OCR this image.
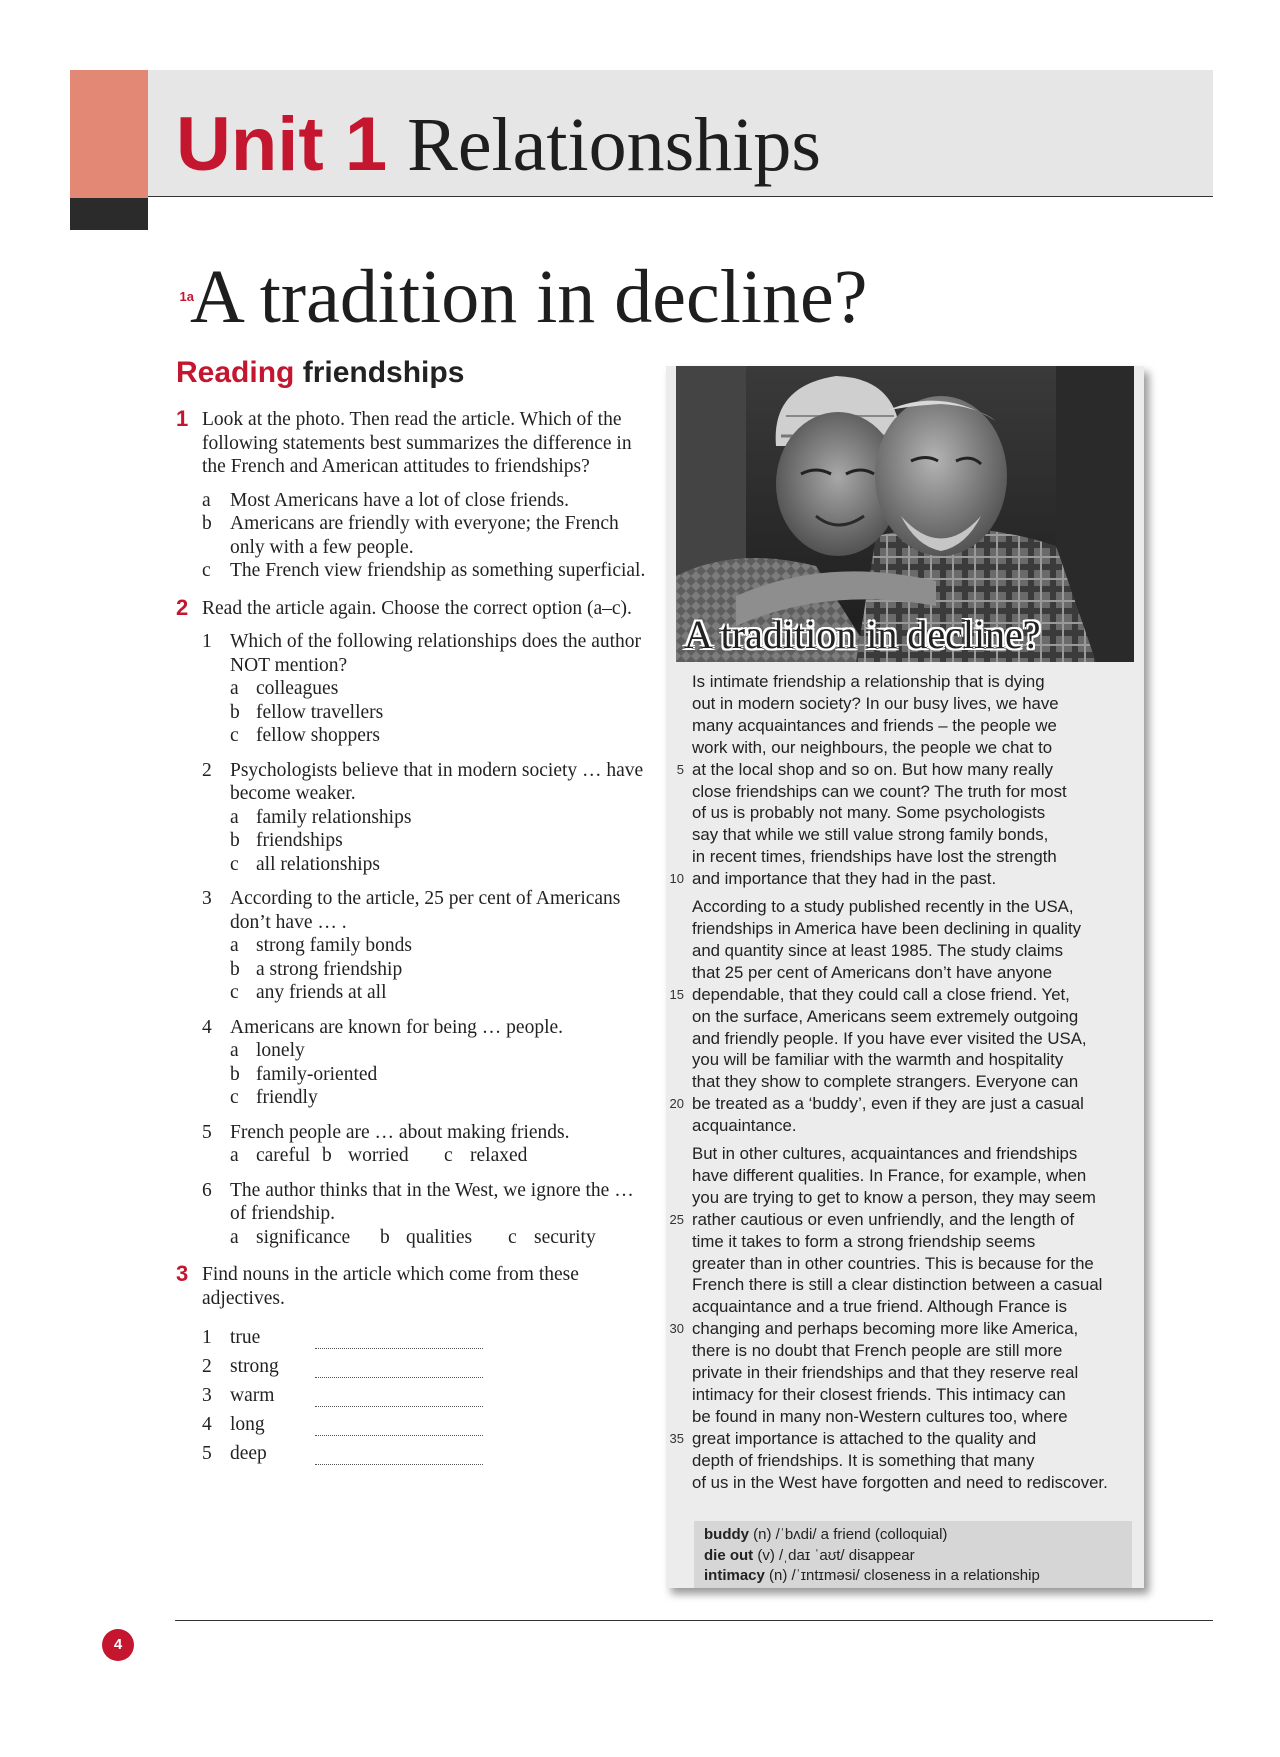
Unit 1 Relationships
1a
A tradition in decline?
Reading friendships
1 Look at the photo. Then read the article. Which of the following statements best summarizes the difference in the French and American attitudes to friendships?

a Most Americans have a lot of close friends.
b Americans are friendly with everyone; the French only with a few people.
c The French view friendship as something superficial.
2 Read the article again. Choose the correct option (a–c).

1 Which of the following relationships does the author NOT mention?
a colleagues
b fellow travellers
c fellow shoppers
2 Psychologists believe that in modern society … have become weaker.
a family relationships
b friendships
c all relationships
3 According to the article, 25 per cent of Americans don’t have … .
a strong family bonds
b a strong friendship
c any friends at all
4 Americans are known for being … people.
a lonely
b family-oriented
c friendly
5 French people are … about making friends.
a careful b worried c relaxed
6 The author thinks that in the West, we ignore the … of friendship.
a significance b qualities c security
3 Find nouns in the article which come from these adjectives.

1 true
2 strong
3 warm
4 long
5 deep
A tradition in decline?
Is intimate friendship a relationship that is dying
out in modern society? In our busy lives, we have
many acquaintances and friends – the people we
work with, our neighbours, the people we chat to
5 at the local shop and so on. But how many really
close friendships can we count? The truth for most
of us is probably not many. Some psychologists
say that while we still value strong family bonds,
in recent times, friendships have lost the strength
10 and importance that they had in the past.
According to a study published recently in the USA,
friendships in America have been declining in quality
and quantity since at least 1985. The study claims
that 25 per cent of Americans don’t have anyone
15 dependable, that they could call a close friend. Yet,
on the surface, Americans seem extremely outgoing
and friendly people. If you have ever visited the USA,
you will be familiar with the warmth and hospitality
that they show to complete strangers. Everyone can
20 be treated as a ‘buddy’, even if they are just a casual
acquaintance.
But in other cultures, acquaintances and friendships
have different qualities. In France, for example, when
you are trying to get to know a person, they may seem
25 rather cautious or even unfriendly, and the length of
time it takes to form a strong friendship seems
greater than in other countries. This is because for the
French there is still a clear distinction between a casual
acquaintance and a true friend. Although France is
30 changing and perhaps becoming more like America,
there is no doubt that French people are still more
private in their friendships and that they reserve real
intimacy for their closest friends. This intimacy can
be found in many non-Western cultures too, where
35 great importance is attached to the quality and
depth of friendships. It is something that many
of us in the West have forgotten and need to rediscover.
buddy (n) /ˈbʌdi/ a friend (colloquial)
die out (v) /ˌdaɪ ˈaʊt/ disappear
intimacy (n) /ˈɪntɪməsi/ closeness in a relationship
4
